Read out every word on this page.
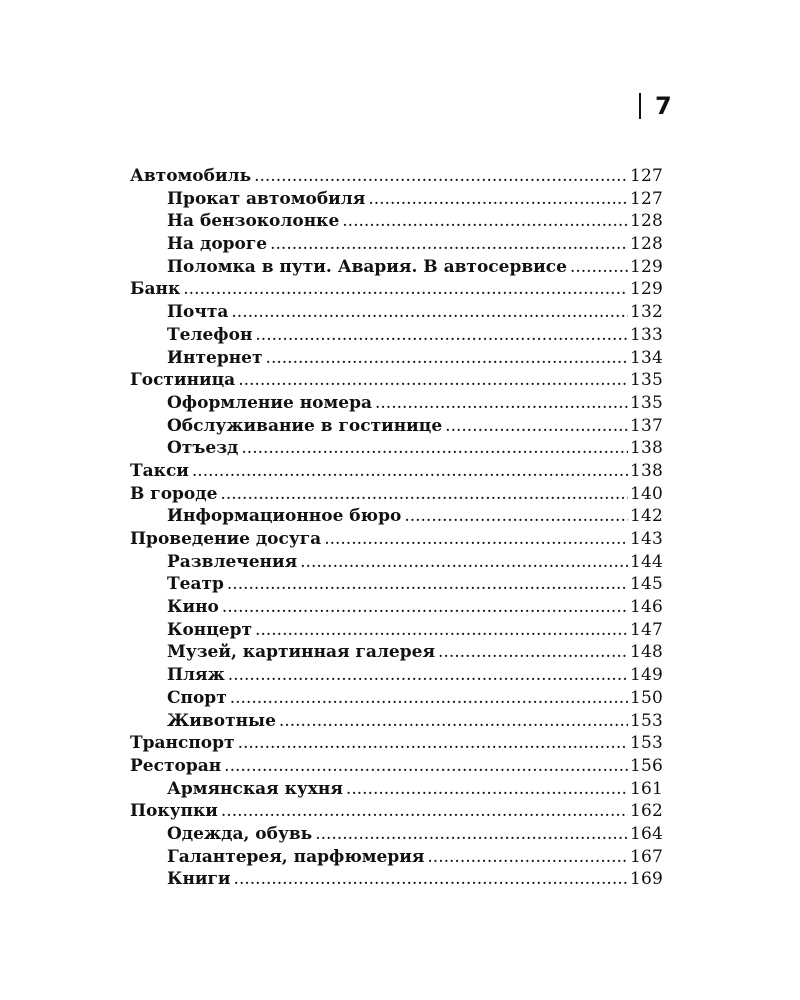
7
Автомобиль .....	127
Прокат автомобиля .....	127
На бензоколонке .....	128
На дороге .....	128
Поломка в пути. Авария. В автосервисе .....	129
Банк .....	129
Почта .....	132
Телефон .....	133
Интернет .....	134
Гостиница .....	135
Оформление номера .....	135
Обслуживание в гостинице .....	137
Отъезд .....	138
Такси .....	138
В городе .....	140
Информационное бюро .....	142
Проведение досуга .....	143
Развлечения .....	144
Театр .....	145
Кино .....	146
Концерт .....	147
Музей, картинная галерея .....	148
Пляж .....	149
Спорт .....	150
Животные .....	153
Транспорт .....	153
Ресторан .....	156
Армянская кухня .....	161
Покупки .....	162
Одежда, обувь .....	164
Галантерея, парфюмерия .....	167
Книги .....	169
